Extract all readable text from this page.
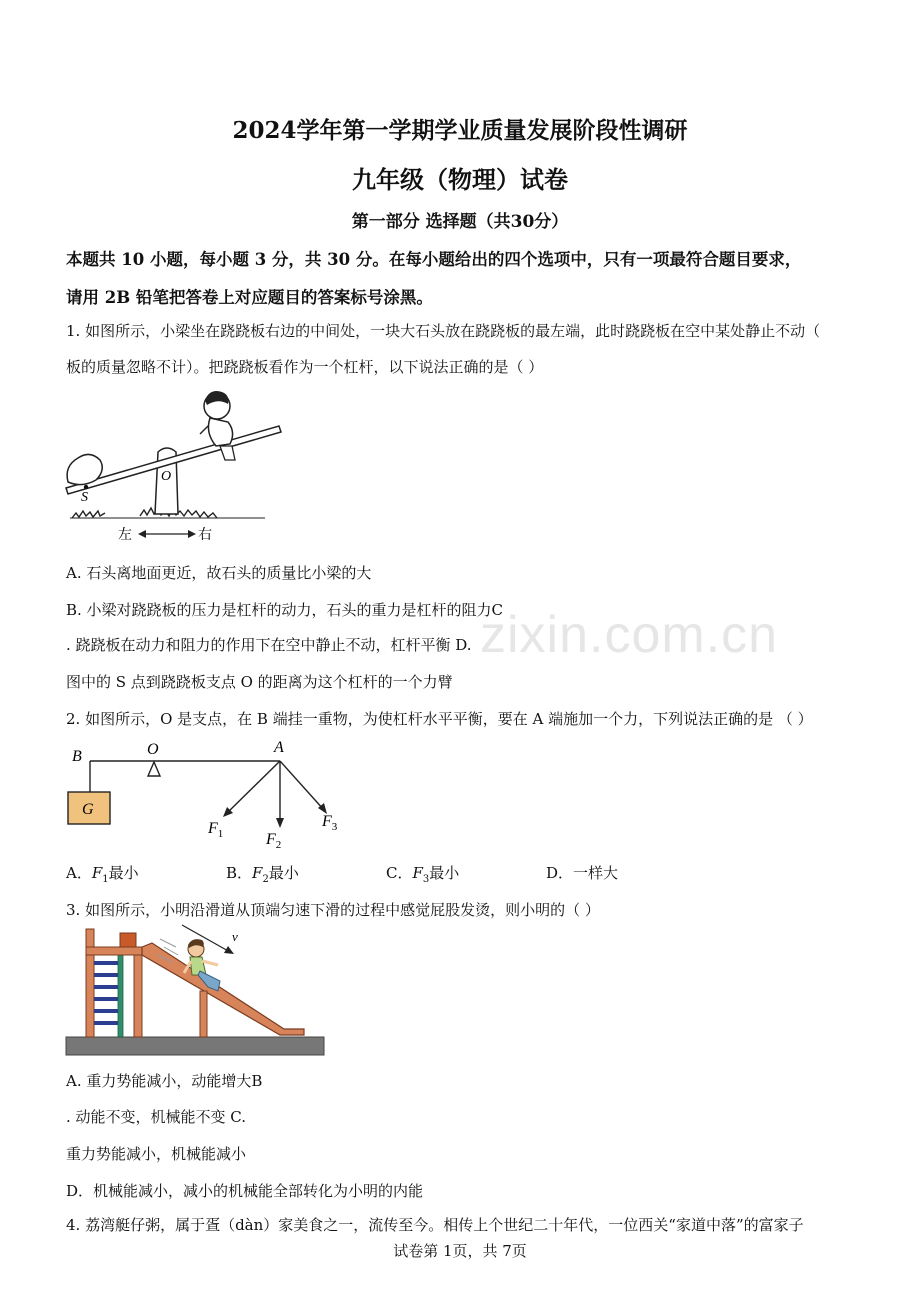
zixin.com.cn
2024学年第一学期学业质量发展阶段性调研
九年级（物理）试卷
第一部分 选择题（共30分）
本题共 10 小题，每小题 3 分，共 30 分。在每小题给出的四个选项中，只有一项最符合题目要求，
请用 2B 铅笔把答卷上对应题目的答案标号涂黑。
1. 如图所示，小梁坐在跷跷板右边的中间处，一块大石头放在跷跷板的最左端，此时跷跷板在空中某处静止不动（
板的质量忽略不计）。把跷跷板看作为一个杠杆，以下说法正确的是（ ）
O
S
左	右
A. 石头离地面更近，故石头的质量比小梁的大
B. 小梁对跷跷板的压力是杠杆的动力，石头的重力是杠杆的阻力C
. 跷跷板在动力和阻力的作用下在空中静止不动，杠杆平衡 D.
图中的 S 点到跷跷板支点 O 的距离为这个杠杆的一个力臂
2. 如图所示，O 是支点，在 B 端挂一重物，为使杠杆水平平衡，要在 A 端施加一个力，下列说法正确的是 （ ）
G
B	O	A
$F_1$	$F_2$
$F_3$
A．$F_1$最小	B．$F_2$最小	C．$F_3$最小	D．一样大
3. 如图所示，小明沿滑道从顶端匀速下滑的过程中感觉屁股发烫，则小明的（ ）
v
A. 重力势能减小，动能增大B
. 动能不变，机械能不变 C.
重力势能减小，机械能减小
D．机械能减小，减小的机械能全部转化为小明的内能
4. 荔湾艇仔粥，属于疍（dàn）家美食之一，流传至今。相传上个世纪二十年代，一位西关“家道中落”的富家子
试卷第 1页，共 7页
